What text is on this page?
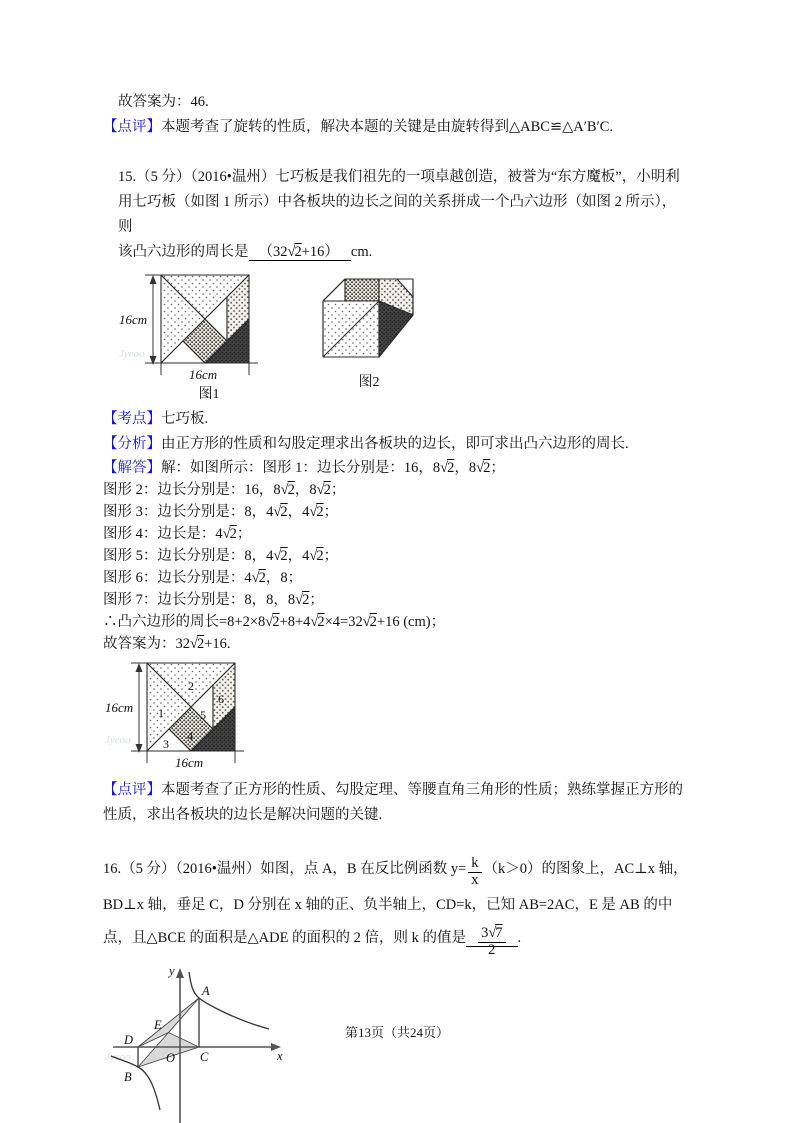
故答案为：46.
【点评】本题考查了旋转的性质，解决本题的关键是由旋转得到△ABC≌△A′B′C.
15.（5 分）（2016•温州）七巧板是我们祖先的一项卓越创造，被誉为“东方魔板”，小明利
用七巧板（如图 1 所示）中各板块的边长之间的关系拼成一个凸六边形（如图 2 所示），则
该凸六边形的周长是 （32√2+16） cm.
Jyeoo
16cm
16cm
图1
图2
【考点】七巧板.
【分析】由正方形的性质和勾股定理求出各板块的边长，即可求出凸六边形的周长.
【解答】解：如图所示：图形 1：边长分别是：16，8√2，8√2；
图形 2：边长分别是：16，8√2，8√2；
图形 3：边长分别是：8，4√2，4√2；
图形 4：边长是：4√2；
图形 5：边长分别是：8，4√2，4√2；
图形 6：边长分别是：4√2，8；
图形 7：边长分别是：8，8，8√2；
∴凸六边形的周长=8+2×8√2+8+4√2×4=32√2+16 (cm)；
故答案为：32√2+16.
Jyeoo
1
2
3
4
5
6
16cm
16cm
【点评】本题考查了正方形的性质、勾股定理、等腰直角三角形的性质；熟练掌握正方形的
性质，求出各板块的边长是解决问题的关键.
16.（5 分）（2016•温州）如图，点 A，B 在反比例函数 $y= \frac{k}{x} (k>0)$的图象上，AC⊥x 轴，
BD⊥x 轴，垂足 C，D 分别在 x 轴的正、负半轴上，CD=k，已知 AB=2AC，E 是 AB 的中
点，且△BCE 的面积是△ADE 的面积的 2 倍，则 k 的值是 $\frac{3√7}{2}$ .
Jyeoo
A
B
C
D
E
O	x
y
第13页（共24页）
